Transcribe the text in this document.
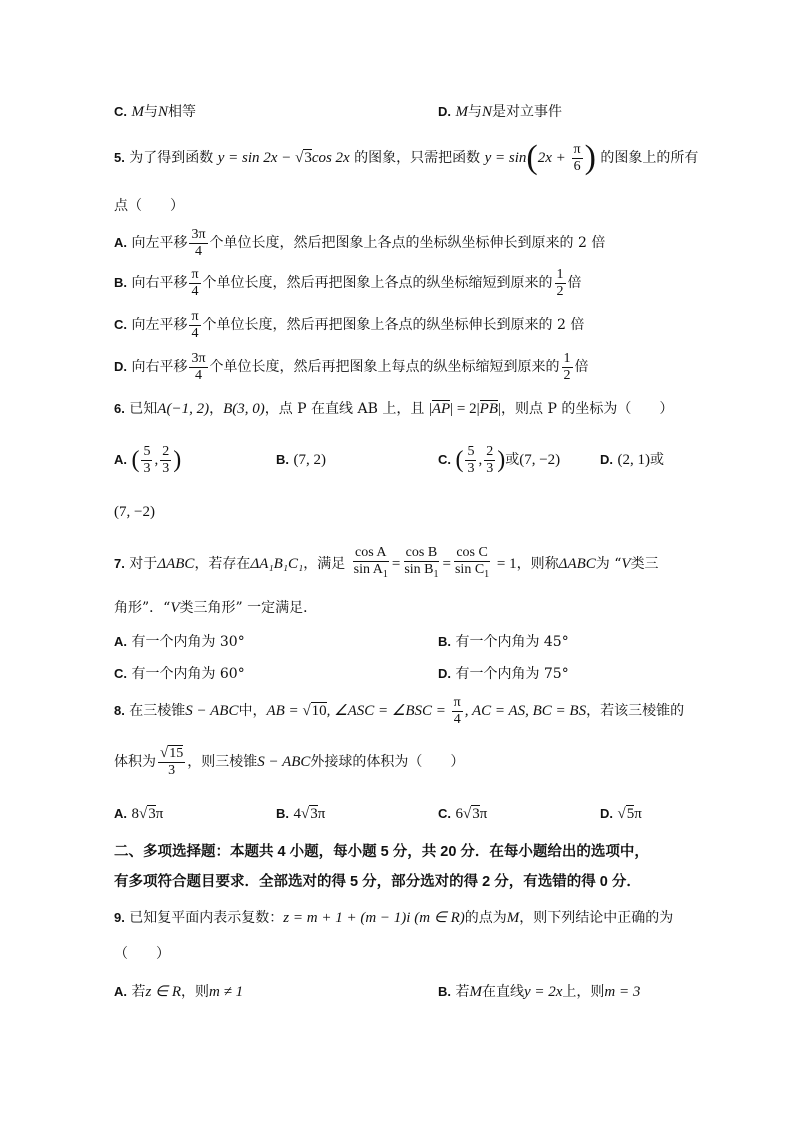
C. M与N相等	D. M与N是对立事件
5. 为了得到函数 y = sin 2x − √3cos 2x 的图象，只需把函数 $y = \sin(2x + \frac{\pi}{6}$ ) 的图象上的所有
点（　　）
A. 向左平移 $\frac{3\pi}{4}$ 个单位长度，然后把图象上各点的坐标纵坐标伸长到原来的 2 倍
B. 向右平移 $\frac{\pi}{4}$ 个单位长度，然后再把图象上各点的纵坐标缩短到原来的 $\frac{1}{2}$ 倍
C. 向左平移 $\frac{\pi}{4}$ 个单位长度，然后再把图象上各点的纵坐标伸长到原来的 2 倍
D. 向右平移 $\frac{3\pi}{4}$ 个单位长度，然后再把图象上每点的纵坐标缩短到原来的 $\frac{1}{2}$ 倍
6. 已知A(−1, 2)，B(3, 0)，点 P 在直线 AB 上，且 |AP| = 2|PB|，则点 P 的坐标为（　　）
A. ( $\frac{5}{3}$ , $\frac{2}{3}$ )	B. (7, 2)	C. ( $\frac{5}{3}$ , $\frac{2}{3}$ )或(7, −2)	D. (2, 1)或
(7, −2)
7. 对于ΔABC，若存在ΔA₁B₁C₁，满足 $\frac{\text{cos A}}{\sin A_1} = \frac{\text{cos B}}{\sin B_1} = \frac{\text{cos C}}{\sin C_1} = 1$，则称ΔABC为 “V类三
角形”．“V类三角形” 一定满足．
A. 有一个内角为 30°	B. 有一个内角为 45°
C. 有一个内角为 60°	D. 有一个内角为 75°
8. 在三棱锥S − ABC中，AB = √10, ∠ASC = ∠BSC = $\frac{\pi}{4}$ , AC = AS, BC = BS，若该三棱锥的
体积为 $\frac{√15}{3}$ ，则三棱锥S − ABC外接球的体积为（　　）
A. 8√3π	B. 4√3π	C. 6√3π	D. √5π
二、多项选择题：本题共 4 小题，每小题 5 分，共 20 分．在每小题给出的选项中，
有多项符合题目要求．全部选对的得 5 分，部分选对的得 2 分，有选错的得 0 分．
9. 已知复平面内表示复数：z = m + 1 + (m − 1)i (m ∈ R)的点为M，则下列结论中正确的为
（　　）
A. 若z ∈ R，则m ≠ 1	B. 若M在直线y = 2x上，则m = 3
